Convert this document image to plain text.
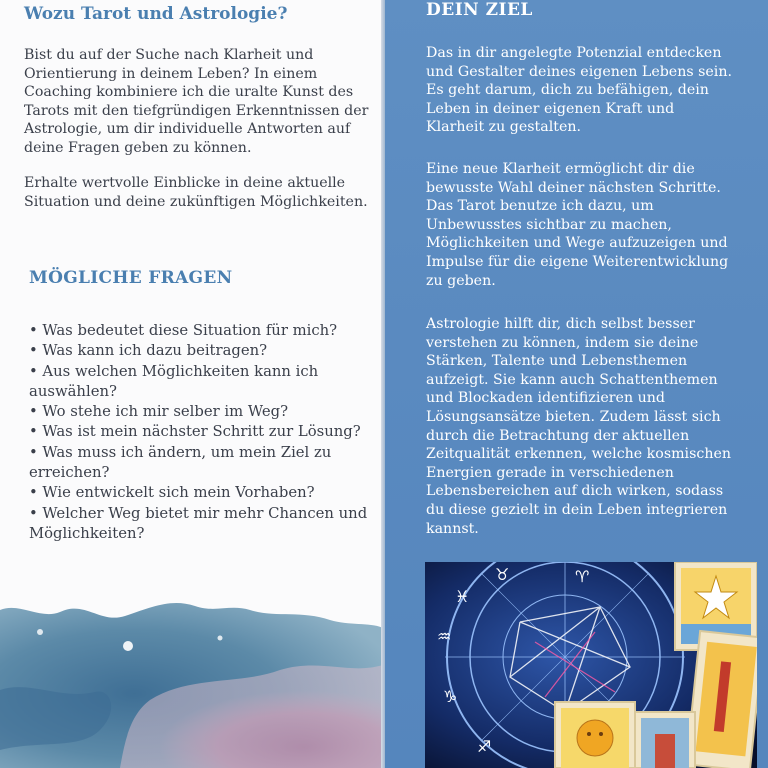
Wozu Tarot und Astrologie?
Bist du auf der Suche nach Klarheit und
Orientierung in deinem Leben? In einem
Coaching kombiniere ich die uralte Kunst des
Tarots mit den tiefgründigen Erkenntnissen der
Astrologie, um dir individuelle Antworten auf
deine Fragen geben zu können.
Erhalte wertvolle Einblicke in deine aktuelle
Situation und deine zukünftigen Möglichkeiten.
MÖGLICHE FRAGEN
• Was bedeutet diese Situation für mich?
• Was kann ich dazu beitragen?
• Aus welchen Möglichkeiten kann ich
auswählen?
• Wo stehe ich mir selber im Weg?
• Was ist mein nächster Schritt zur Lösung?
• Was muss ich ändern, um mein Ziel zu
erreichen?
• Wie entwickelt sich mein Vorhaben?
• Welcher Weg bietet mir mehr Chancen und
Möglichkeiten?
DEIN ZIEL
Das in dir angelegte Potenzial entdecken
und Gestalter deines eigenen Lebens sein.
Es geht darum, dich zu befähigen, dein
Leben in deiner eigenen Kraft und
Klarheit zu gestalten.
Eine neue Klarheit ermöglicht dir die
bewusste Wahl deiner nächsten Schritte.
Das Tarot benutze ich dazu, um
Unbewusstes sichtbar zu machen,
Möglichkeiten und Wege aufzuzeigen und
Impulse für die eigene Weiterentwicklung
zu geben.
Astrologie hilft dir, dich selbst besser
verstehen zu können, indem sie deine
Stärken, Talente und Lebensthemen
aufzeigt. Sie kann auch Schattenthemen
und Blockaden identifizieren und
Lösungsansätze bieten. Zudem lässt sich
durch die Betrachtung der aktuellen
Zeitqualität erkennen, welche kosmischen
Energien gerade in verschiedenen
Lebensbereichen auf dich wirken, sodass
du diese gezielt in dein Leben integrieren
kannst.
♓
♒
♑
♐
♈
♉
